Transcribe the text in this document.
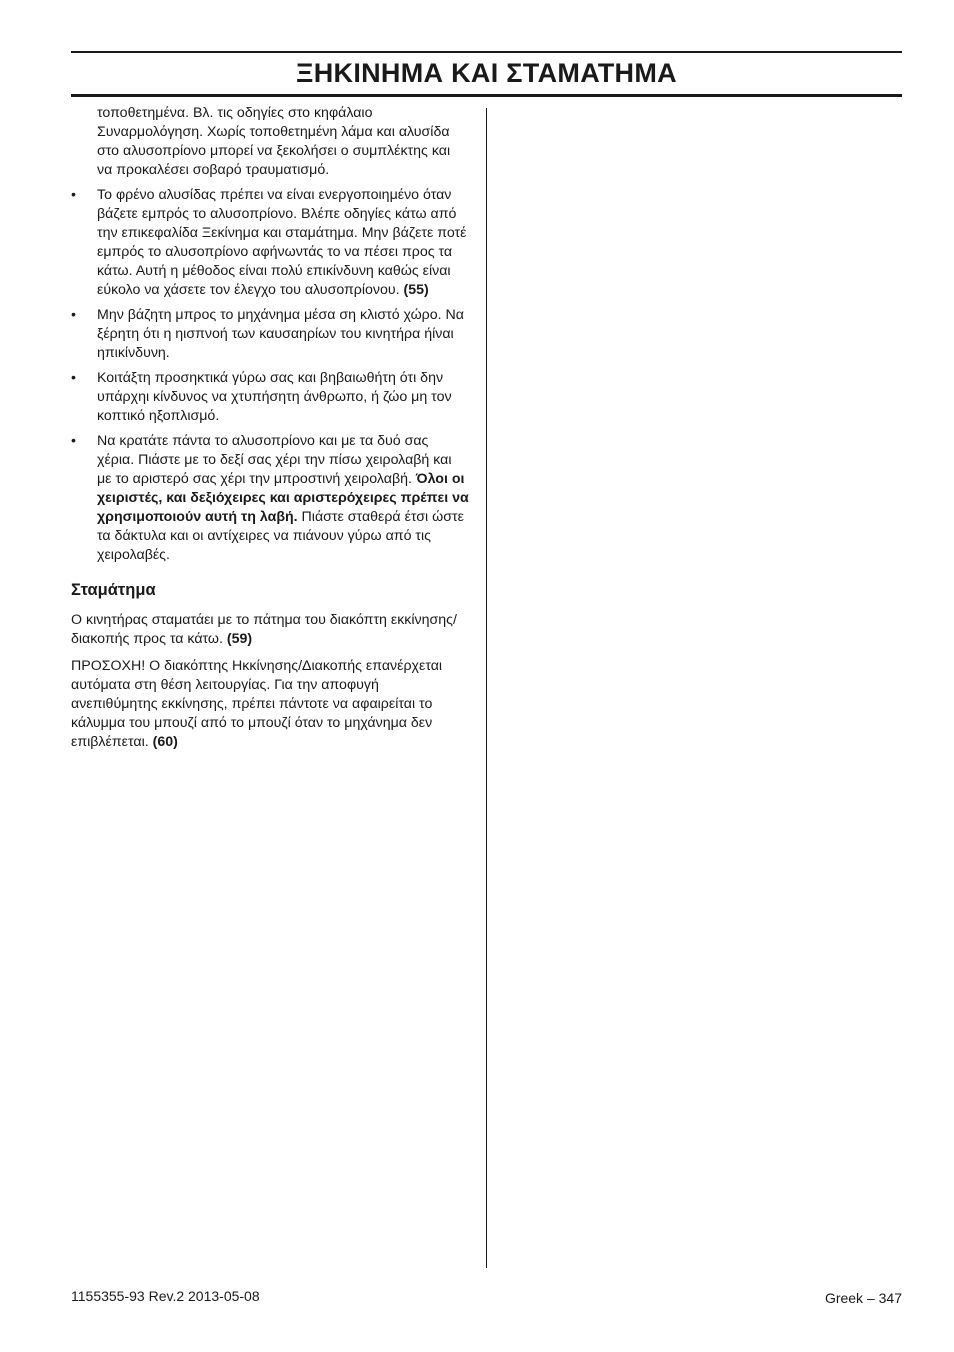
ΞΗΚΙΝΗΜΑ ΚΑΙ ΣΤΑΜΑΤΗΜΑ

τοποθετημένα. Βλ. τις οδηγίες στο κηφάλαιο Συναρμολόγηση. Χωρίς τοποθετημένη λάμα και αλυσίδα στο αλυσοπρίονο μπορεί να ξεκολήσει ο συμπλέκτης και να προκαλέσει σοβαρό τραυματισμό.

•	Το φρένο αλυσίδας πρέπει να είναι ενεργοποιημένο όταν βάζετε εμπρός το αλυσοπρίονο. Βλέπε οδηγίες κάτω από την επικεφαλίδα Ξεκίνημα και σταμάτημα. Μην βάζετε ποτέ εμπρός το αλυσοπρίονο αφήνωντάς το να πέσει προς τα κάτω. Αυτή η μέθοδος είναι πολύ επικίνδυνη καθώς είναι εύκολο να χάσετε τον έλεγχο του αλυσοπρίονου. (55)
•	Μην βάζητη μπρος το μηχάνημα μέσα ση κλιστό χώρο. Να ξέρητη ότι η ηισπνοή των καυσαηρίων του κινητήρα ήίναι ηπικίνδυνη.
•	Κοιτάξτη προσηκτικά γύρω σας και βηβαιωθήτη ότι δην υπάρχηι κίνδυνος να χτυπήσητη άνθρωπο, ή ζώο μη τον κοπτικό ηξοπλισμό.
•	Να κρατάτε πάντα το αλυσοπρίονο και με τα δυό σας χέρια. Πιάστε με το δεξί σας χέρι την πίσω χειρολαβή και με το αριστερό σας χέρι την μπροστινή χειρολαβή. Όλοι οι χειριστές, και δεξιόχειρες και αριστερόχειρες πρέπει να χρησιμοποιούν αυτή τη λαβή. Πιάστε σταθερά έτσι ώστε τα δάκτυλα και οι αντίχειρες να πιάνουν γύρω από τις χειρολαβές.
Σταμάτημα

Ο κινητήρας σταματάει με το πάτημα του διακόπτη εκκίνησης/διακοπής προς τα κάτω. (59)

ΠΡΟΣΟΧΗ! Ο διακόπτης Ηκκίνησης/Διακοπής επανέρχεται αυτόματα στη θέση λειτουργίας. Για την αποφυγή ανεπιθύμητης εκκίνησης, πρέπει πάντοτε να αφαιρείται το κάλυμμα του μπουζί από το μπουζί όταν το μηχάνημα δεν επιβλέπεται. (60)

1155355-93 Rev.2 2013-05-08	Greek – 347
